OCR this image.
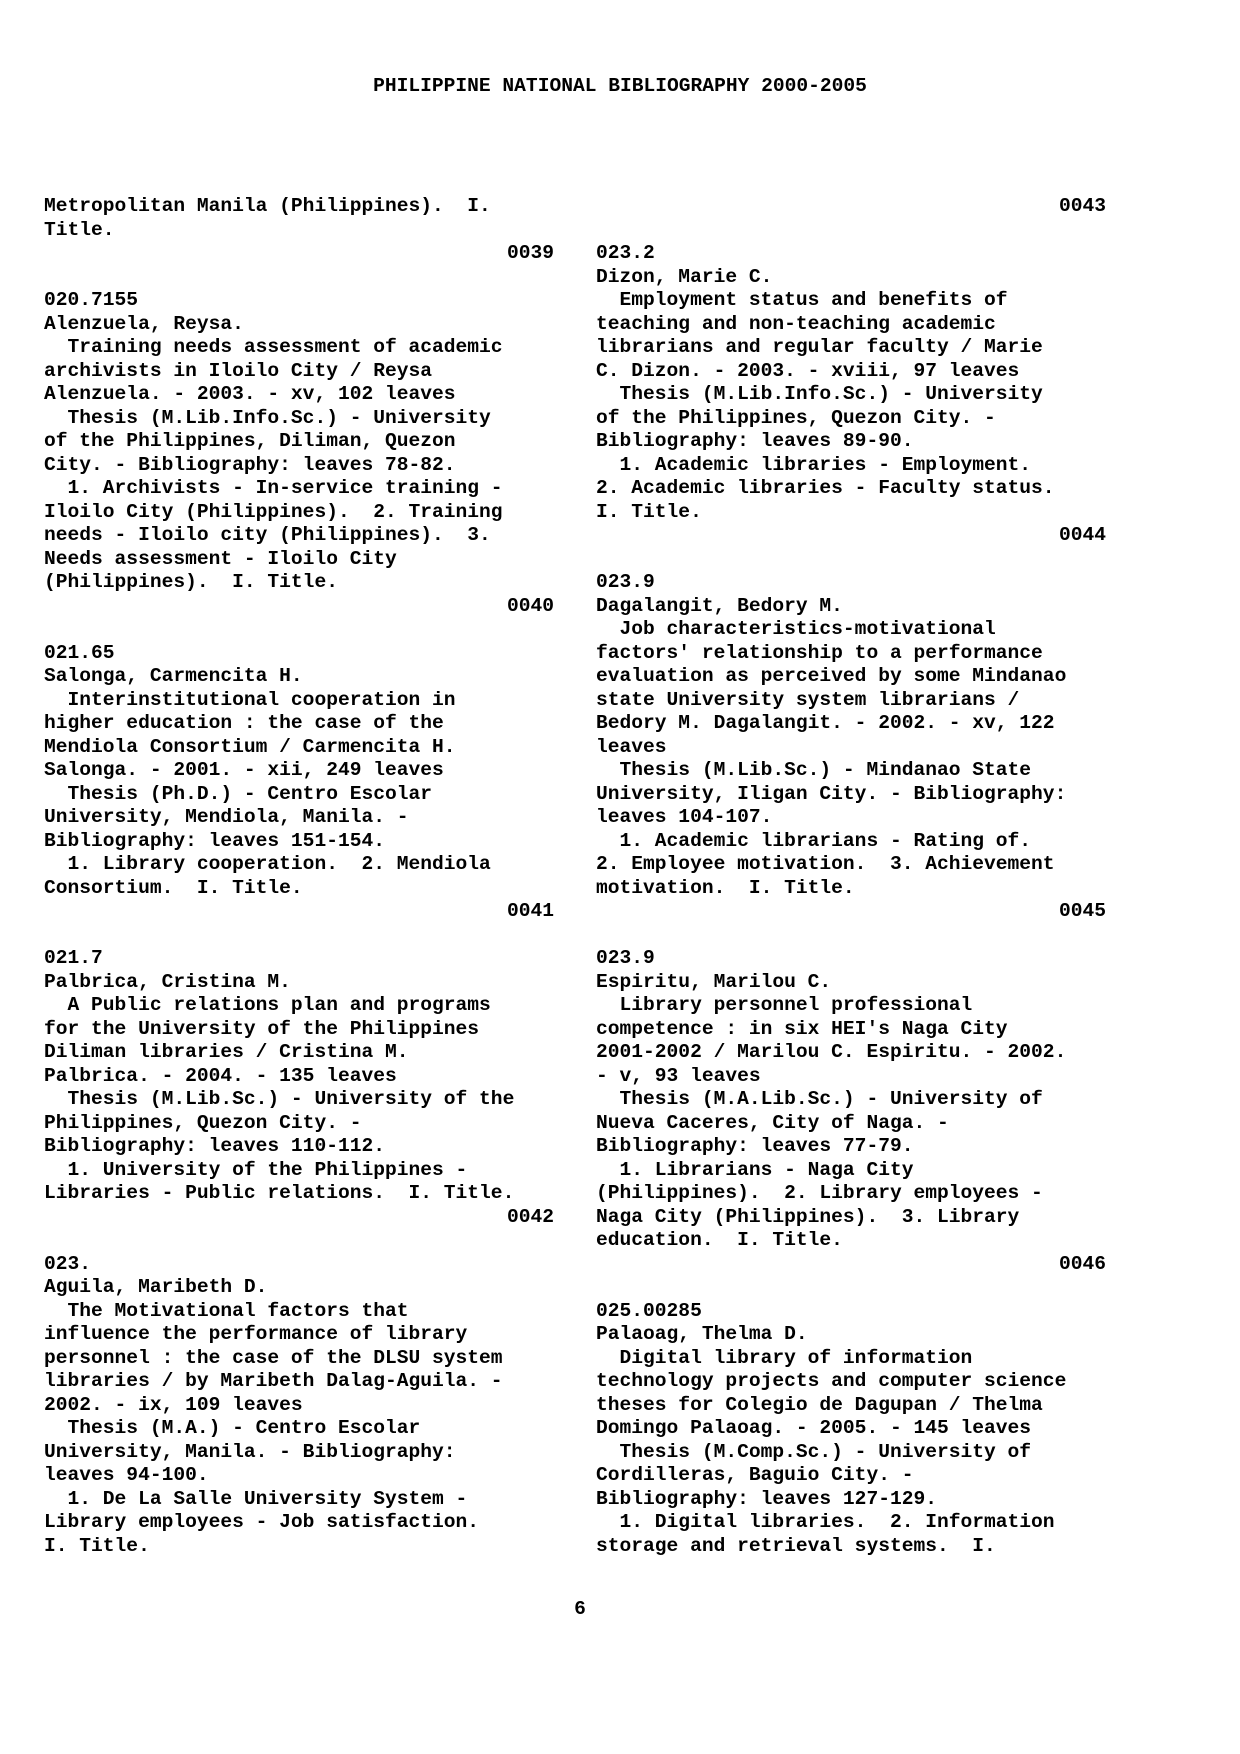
PHILIPPINE NATIONAL BIBLIOGRAPHY 2000-2005
Metropolitan Manila (Philippines).  I.
Title.
0039
020.7155
Alenzuela, Reysa.
Training needs assessment of academic
archivists in Iloilo City / Reysa
Alenzuela. - 2003. - xv, 102 leaves
Thesis (M.Lib.Info.Sc.) - University
of the Philippines, Diliman, Quezon
City. - Bibliography: leaves 78-82.
1. Archivists - In-service training -
Iloilo City (Philippines).  2. Training
needs - Iloilo city (Philippines).  3.
Needs assessment - Iloilo City
(Philippines).  I. Title.
0040
021.65
Salonga, Carmencita H.
Interinstitutional cooperation in
higher education : the case of the
Mendiola Consortium / Carmencita H.
Salonga. - 2001. - xii, 249 leaves
Thesis (Ph.D.) - Centro Escolar
University, Mendiola, Manila. -
Bibliography: leaves 151-154.
1. Library cooperation.  2. Mendiola
Consortium.  I. Title.
0041
021.7
Palbrica, Cristina M.
A Public relations plan and programs
for the University of the Philippines
Diliman libraries / Cristina M.
Palbrica. - 2004. - 135 leaves
Thesis (M.Lib.Sc.) - University of the
Philippines, Quezon City. -
Bibliography: leaves 110-112.
1. University of the Philippines -
Libraries - Public relations.  I. Title.
0042
023.
Aguila, Maribeth D.
The Motivational factors that
influence the performance of library
personnel : the case of the DLSU system
libraries / by Maribeth Dalag-Aguila. -
2002. - ix, 109 leaves
Thesis (M.A.) - Centro Escolar
University, Manila. - Bibliography:
leaves 94-100.
1. De La Salle University System -
Library employees - Job satisfaction.
I. Title.
0043
023.2
Dizon, Marie C.
Employment status and benefits of
teaching and non-teaching academic
librarians and regular faculty / Marie
C. Dizon. - 2003. - xviii, 97 leaves
Thesis (M.Lib.Info.Sc.) - University
of the Philippines, Quezon City. -
Bibliography: leaves 89-90.
1. Academic libraries - Employment.
2. Academic libraries - Faculty status.
I. Title.
0044
023.9
Dagalangit, Bedory M.
Job characteristics-motivational
factors' relationship to a performance
evaluation as perceived by some Mindanao
state University system librarians /
Bedory M. Dagalangit. - 2002. - xv, 122
leaves
Thesis (M.Lib.Sc.) - Mindanao State
University, Iligan City. - Bibliography:
leaves 104-107.
1. Academic librarians - Rating of.
2. Employee motivation.  3. Achievement
motivation.  I. Title.
0045
023.9
Espiritu, Marilou C.
Library personnel professional
competence : in six HEI's Naga City
2001-2002 / Marilou C. Espiritu. - 2002.
- v, 93 leaves
Thesis (M.A.Lib.Sc.) - University of
Nueva Caceres, City of Naga. -
Bibliography: leaves 77-79.
1. Librarians - Naga City
(Philippines).  2. Library employees -
Naga City (Philippines).  3. Library
education.  I. Title.
0046
025.00285
Palaoag, Thelma D.
Digital library of information
technology projects and computer science
theses for Colegio de Dagupan / Thelma
Domingo Palaoag. - 2005. - 145 leaves
Thesis (M.Comp.Sc.) - University of
Cordilleras, Baguio City. -
Bibliography: leaves 127-129.
1. Digital libraries.  2. Information
storage and retrieval systems.  I.
6
